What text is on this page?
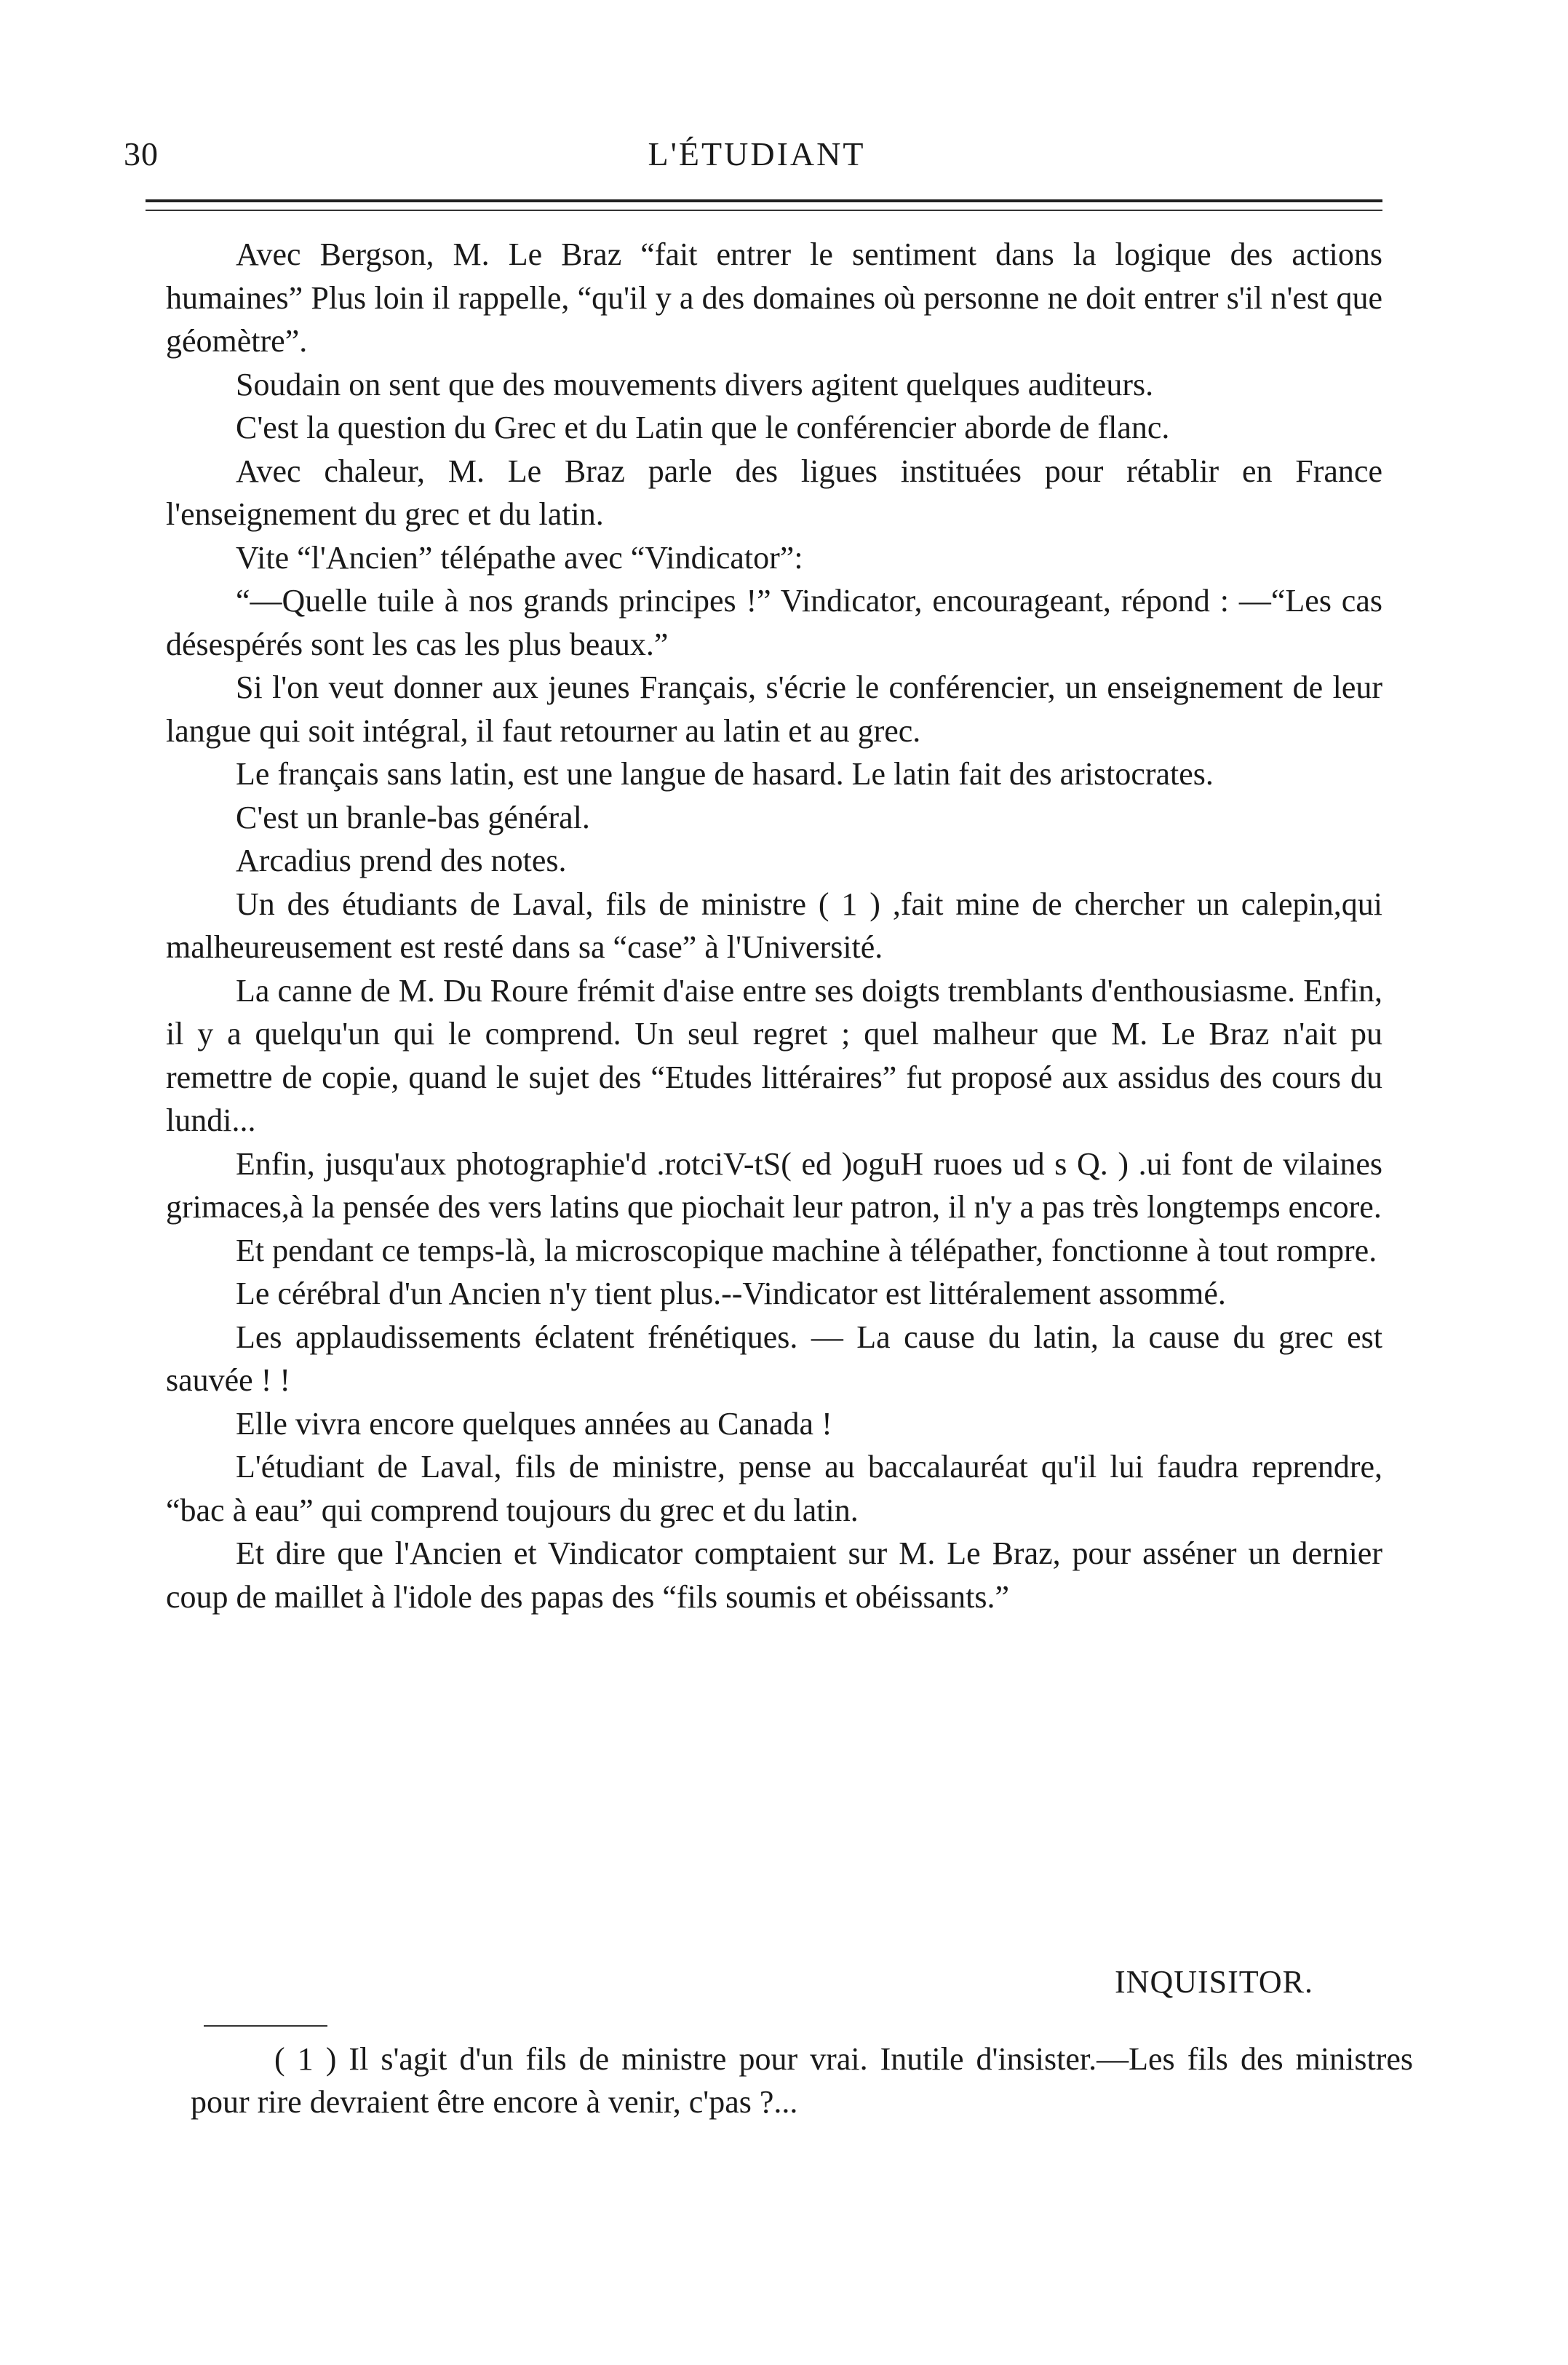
30	L'ÉTUDIANT

Avec Bergson, M. Le Braz “fait entrer le sentiment dans la logique des actions humaines” Plus loin il rappelle, “qu'il y a des domaines où personne ne doit entrer s'il n'est que géomètre”.

Soudain on sent que des mouvements divers agitent quelques auditeurs.

C'est la question du Grec et du Latin que le conférencier aborde de flanc.

Avec chaleur, M. Le Braz parle des ligues instituées pour rétablir en France l'enseignement du grec et du latin.

Vite “l'Ancien” télépathe avec “Vindicator”:

“—Quelle tuile à nos grands principes !” Vindicator, encourageant, répond : —“Les cas désespérés sont les cas les plus beaux.”

Si l'on veut donner aux jeunes Français, s'écrie le conférencier, un enseignement de leur langue qui soit intégral, il faut retourner au latin et au grec.

Le français sans latin, est une langue de hasard. Le latin fait des aristocrates.

C'est un branle-bas général.

Arcadius prend des notes.

Un des étudiants de Laval, fils de ministre ( 1 ) ,fait mine de chercher un calepin,qui malheureusement est resté dans sa “case” à l'Université.

La canne de M. Du Roure frémit d'aise entre ses doigts tremblants d'enthousiasme. Enfin, il y a quelqu'un qui le comprend. Un seul regret ; quel malheur que M. Le Braz n'ait pu remettre de copie, quand le sujet des “Etudes littéraires” fut proposé aux assidus des cours du lundi...

Enfin, jusqu'aux photographie'd .rotciV-tS( ed )oguH ruoes ud s Q. ) .ui font de vilaines grimaces,à la pensée des vers latins que piochait leur patron, il n'y a pas très longtemps encore.

Et pendant ce temps-là, la microscopique machine à télépather, fonctionne à tout rompre.

Le cérébral d'un Ancien n'y tient plus.--Vindicator est littéralement assommé.

Les applaudissements éclatent frénétiques. — La cause du latin, la cause du grec est sauvée ! !

Elle vivra encore quelques années au Canada !

L'étudiant de Laval, fils de ministre, pense au baccalauréat qu'il lui faudra reprendre, “bac à eau” qui comprend toujours du grec et du latin.

Et dire que l'Ancien et Vindicator comptaient sur M. Le Braz, pour asséner un dernier coup de maillet à l'idole des papas des “fils soumis et obéissants.”

INQUISITOR.

( 1 ) Il s'agit d'un fils de ministre pour vrai. Inutile d'insister.—Les fils des ministres pour rire devraient être encore à venir, c'pas ?...
